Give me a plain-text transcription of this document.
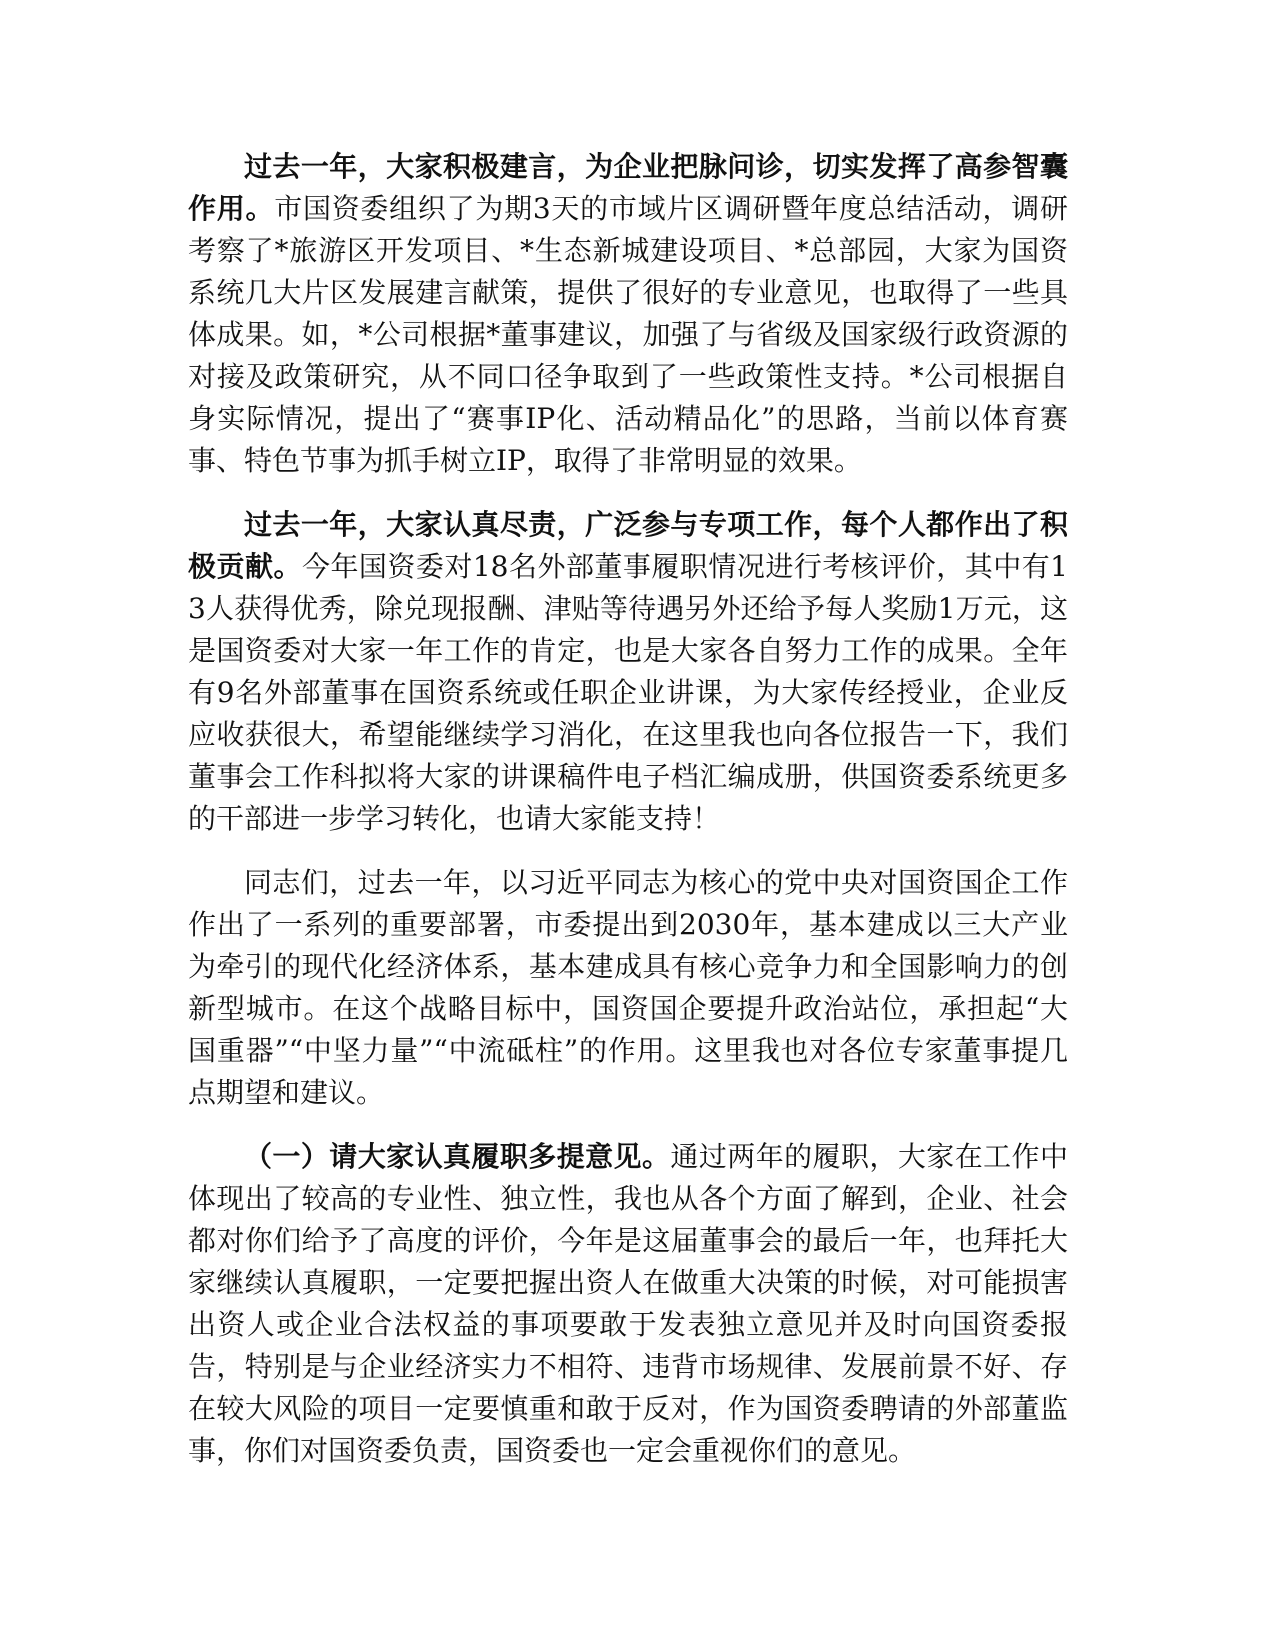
过去一年，大家积极建言，为企业把脉问诊，切实发挥了高参智囊作用。市国资委组织了为期3天的市域片区调研暨年度总结活动，调研考察了*旅游区开发项目、*生态新城建设项目、*总部园，大家为国资系统几大片区发展建言献策，提供了很好的专业意见，也取得了一些具体成果。如，*公司根据*董事建议，加强了与省级及国家级行政资源的对接及政策研究，从不同口径争取到了一些政策性支持。*公司根据自身实际情况，提出了“赛事IP化、活动精品化”的思路，当前以体育赛事、特色节事为抓手树立IP，取得了非常明显的效果。

过去一年，大家认真尽责，广泛参与专项工作，每个人都作出了积极贡献。今年国资委对18名外部董事履职情况进行考核评价，其中有13人获得优秀，除兑现报酬、津贴等待遇另外还给予每人奖励1万元，这是国资委对大家一年工作的肯定，也是大家各自努力工作的成果。全年有9名外部董事在国资系统或任职企业讲课，为大家传经授业，企业反应收获很大，希望能继续学习消化，在这里我也向各位报告一下，我们董事会工作科拟将大家的讲课稿件电子档汇编成册，供国资委系统更多的干部进一步学习转化，也请大家能支持！

同志们，过去一年，以习近平同志为核心的党中央对国资国企工作作出了一系列的重要部署，市委提出到2030年，基本建成以三大产业为牵引的现代化经济体系，基本建成具有核心竞争力和全国影响力的创新型城市。在这个战略目标中，国资国企要提升政治站位，承担起“大国重器”“中坚力量”“中流砥柱”的作用。这里我也对各位专家董事提几点期望和建议。

（一）请大家认真履职多提意见。通过两年的履职，大家在工作中体现出了较高的专业性、独立性，我也从各个方面了解到，企业、社会都对你们给予了高度的评价，今年是这届董事会的最后一年，也拜托大家继续认真履职，一定要把握出资人在做重大决策的时候，对可能损害出资人或企业合法权益的事项要敢于发表独立意见并及时向国资委报告，特别是与企业经济实力不相符、违背市场规律、发展前景不好、存在较大风险的项目一定要慎重和敢于反对，作为国资委聘请的外部董监事，你们对国资委负责，国资委也一定会重视你们的意见。
